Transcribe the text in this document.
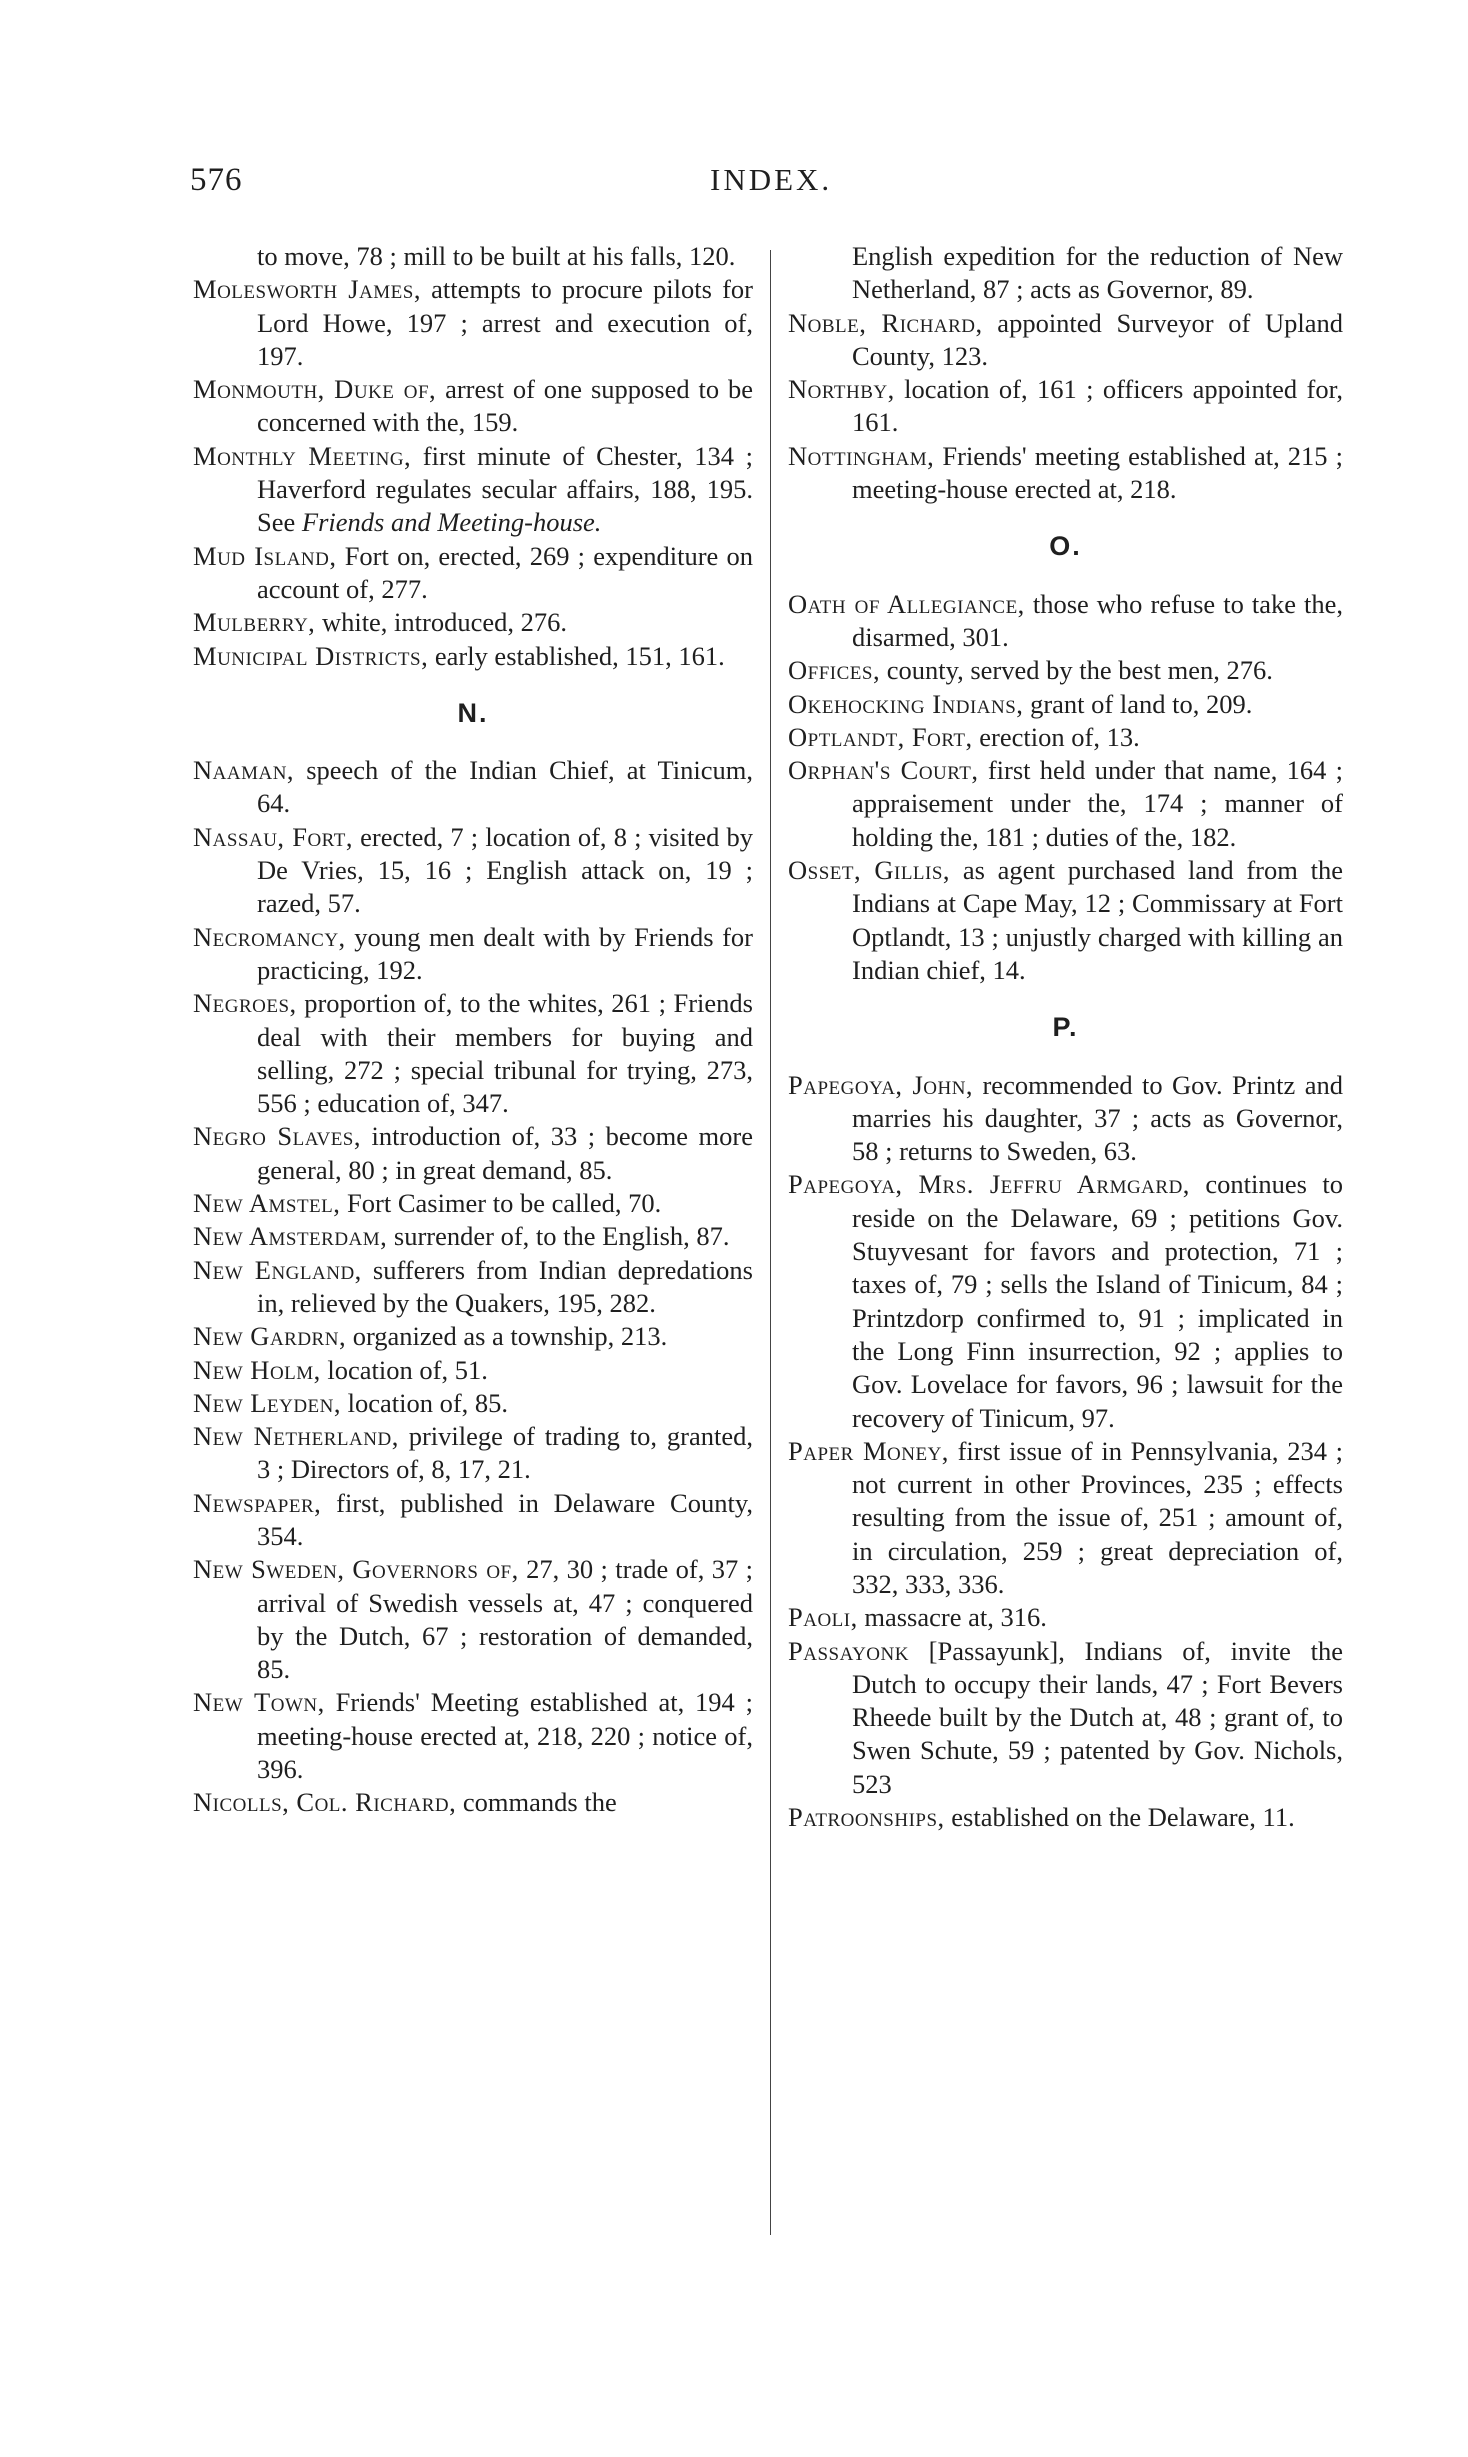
576	INDEX.

to move, 78 ; mill to be built at his falls, 120.

Molesworth James, attempts to procure pilots for Lord Howe, 197 ; arrest and execution of, 197.

Monmouth, Duke of, arrest of one supposed to be concerned with the, 159.

Monthly Meeting, first minute of Chester, 134 ; Haverford regulates secular affairs, 188, 195. See Friends and Meeting-house.

Mud Island, Fort on, erected, 269 ; expenditure on account of, 277.

Mulberry, white, introduced, 276.

Municipal Districts, early established, 151, 161.

N.

Naaman, speech of the Indian Chief, at Tinicum, 64.

Nassau, Fort, erected, 7 ; location of, 8 ; visited by De Vries, 15, 16 ; English attack on, 19 ; razed, 57.

Necromancy, young men dealt with by Friends for practicing, 192.

Negroes, proportion of, to the whites, 261 ; Friends deal with their members for buying and selling, 272 ; special tribunal for trying, 273, 556 ; education of, 347.

Negro Slaves, introduction of, 33 ; become more general, 80 ; in great demand, 85.

New Amstel, Fort Casimer to be called, 70.

New Amsterdam, surrender of, to the English, 87.

New England, sufferers from Indian depredations in, relieved by the Quakers, 195, 282.

New Gardrn, organized as a township, 213.

New Holm, location of, 51.

New Leyden, location of, 85.

New Netherland, privilege of trading to, granted, 3 ; Directors of, 8, 17, 21.

Newspaper, first, published in Delaware County, 354.

New Sweden, Governors of, 27, 30 ; trade of, 37 ; arrival of Swedish vessels at, 47 ; conquered by the Dutch, 67 ; restoration of demanded, 85.

New Town, Friends' Meeting established at, 194 ; meeting-house erected at, 218, 220 ; notice of, 396.

Nicolls, Col. Richard, commands the

English expedition for the reduction of New Netherland, 87 ; acts as Governor, 89.

Noble, Richard, appointed Surveyor of Upland County, 123.

Northby, location of, 161 ; officers appointed for, 161.

Nottingham, Friends' meeting established at, 215 ; meeting-house erected at, 218.

O.

Oath of Allegiance, those who refuse to take the, disarmed, 301.

Offices, county, served by the best men, 276.

Okehocking Indians, grant of land to, 209.

Optlandt, Fort, erection of, 13.

Orphan's Court, first held under that name, 164 ; appraisement under the, 174 ; manner of holding the, 181 ; duties of the, 182.

Osset, Gillis, as agent purchased land from the Indians at Cape May, 12 ; Commissary at Fort Optlandt, 13 ; unjustly charged with killing an Indian chief, 14.

P.

Papegoya, John, recommended to Gov. Printz and marries his daughter, 37 ; acts as Governor, 58 ; returns to Sweden, 63.

Papegoya, Mrs. Jeffru Armgard, continues to reside on the Delaware, 69 ; petitions Gov. Stuyvesant for favors and protection, 71 ; taxes of, 79 ; sells the Island of Tinicum, 84 ; Printzdorp confirmed to, 91 ; implicated in the Long Finn insurrection, 92 ; applies to Gov. Lovelace for favors, 96 ; lawsuit for the recovery of Tinicum, 97.

Paper Money, first issue of in Pennsylvania, 234 ; not current in other Provinces, 235 ; effects resulting from the issue of, 251 ; amount of, in circulation, 259 ; great depreciation of, 332, 333, 336.

Paoli, massacre at, 316.

Passayonk [Passayunk], Indians of, invite the Dutch to occupy their lands, 47 ; Fort Bevers Rheede built by the Dutch at, 48 ; grant of, to Swen Schute, 59 ; patented by Gov. Nichols, 523

Patroonships, established on the Delaware, 11.
